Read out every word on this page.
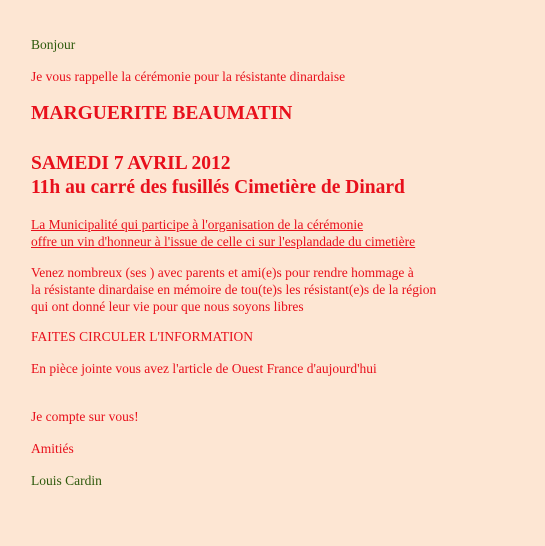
Bonjour

Je vous rappelle la cérémonie pour la résistante dinardaise

MARGUERITE BEAUMATIN

SAMEDI 7 AVRIL 2012

11h au carré des fusillés Cimetière de Dinard

La Municipalité qui participe à l'organisation de la cérémonie

offre un vin d'honneur à l'issue de celle ci sur l'esplandade du cimetière

Venez nombreux (ses ) avec parents et ami(e)s pour rendre hommage à

la résistante dinardaise en mémoire de tou(te)s les résistant(e)s de la région

qui ont donné leur vie pour que nous soyons libres

FAITES CIRCULER L'INFORMATION

En pièce jointe vous avez l'article de Ouest France d'aujourd'hui

Je compte sur vous!

Amitiés

Louis Cardin
